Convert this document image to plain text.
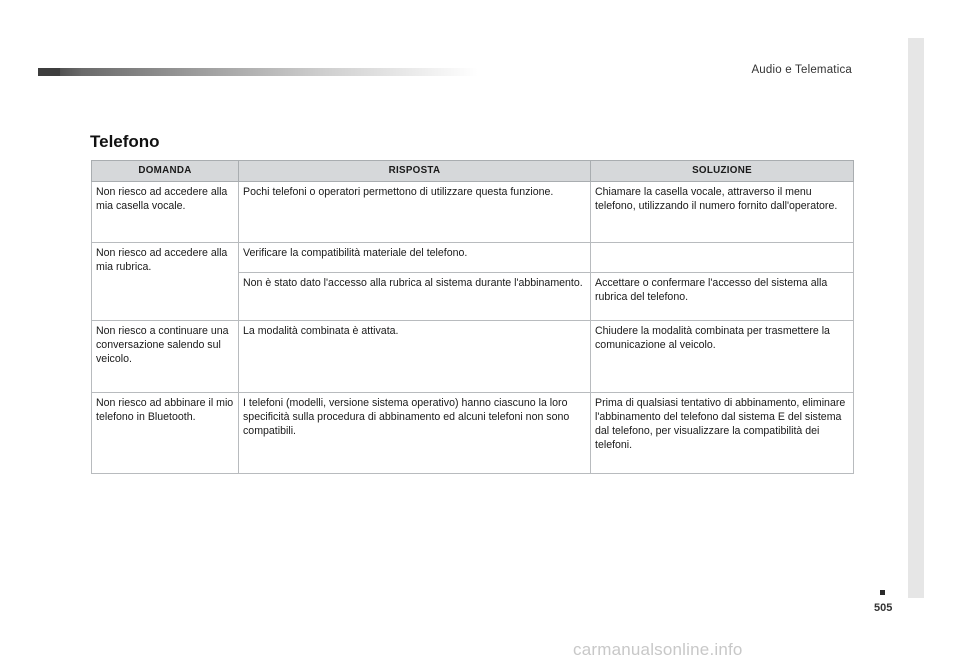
Audio e Telematica
505
Telefono
DOMANDA	RISPOSTA	SOLUZIONE
Non riesco ad accedere alla mia casella vocale.	Pochi telefoni o operatori permettono di utilizzare questa funzione.	Chiamare la casella vocale, attraverso il menu telefono, utilizzando il numero fornito dall'operatore.
Non riesco ad accedere alla mia rubrica.	Verificare la compatibilità materiale del telefono.	
	Non è stato dato l'accesso alla rubrica al sistema durante l'abbinamento.	Accettare o confermare l'accesso del sistema alla rubrica del telefono.
Non riesco a continuare una conversazione salendo sul veicolo.	La modalità combinata è attivata.	Chiudere la modalità combinata per trasmettere la comunicazione al veicolo.
Non riesco ad abbinare il mio telefono in Bluetooth.	I telefoni (modelli, versione sistema operativo) hanno ciascuno la loro specificità sulla procedura di abbinamento ed alcuni telefoni non sono compatibili.	Prima di qualsiasi tentativo di abbinamento, eliminare l'abbinamento del telefono dal sistema E del sistema dal telefono, per visualizzare la compatibilità dei telefoni.
carmanualsonline.info
